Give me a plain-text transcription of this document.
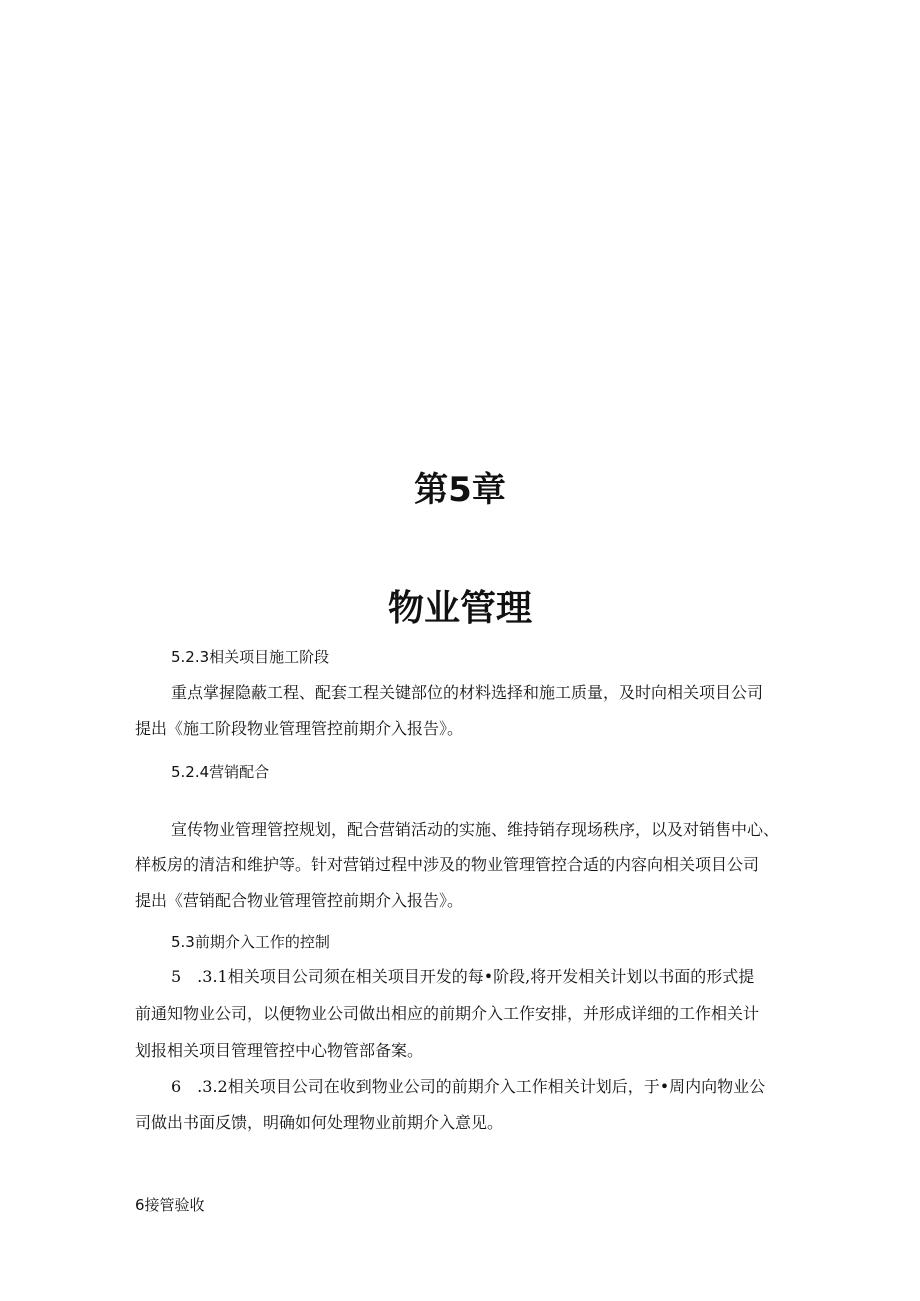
第5章
物业管理
5.2.3相关项目施工阶段
重点掌握隐蔽工程、配套工程关键部位的材料选择和施工质量，及时向相关项目公司
提出《施工阶段物业管理管控前期介入报告》。
5.2.4营销配合
宣传物业管理管控规划，配合营销活动的实施、维持销存现场秩序，以及对销售中心、
样板房的清洁和维护等。针对营销过程中涉及的物业管理管控合适的内容向相关项目公司
提出《营销配合物业管理管控前期介入报告》。
5.3前期介入工作的控制
5　.3.1相关项目公司须在相关项目开发的每•阶段,将开发相关计划以书面的形式提
前通知物业公司，以便物业公司做出相应的前期介入工作安排，并形成详细的工作相关计
划报相关项目管理管控中心物管部备案。
6　.3.2相关项目公司在收到物业公司的前期介入工作相关计划后，于•周内向物业公
司做出书面反馈，明确如何处理物业前期介入意见。
6接管验收
